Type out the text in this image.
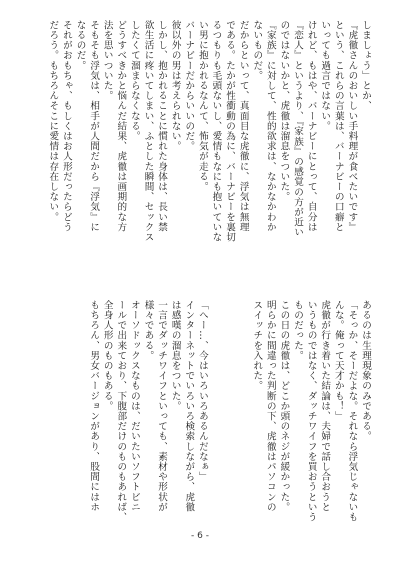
しましょう」とか、
『虎徹さんのおいしい手料理が食べたいです』
という、これらの言葉は、バーナビーの口癖と
いっても過言ではない。
けれど、もはや、バーナビーにとって、自分は
『恋人』というより、『家族』の感覚の方が近い
のではないかと、虎徹は溜息をついた。
『家族』に対して、性的欲求は、なかなかわか
ないものだ。
だからといって、真面目な虎徹に、浮気は無理
である。たかが性衝動の為に、バーナビーを裏切
るつもりも毛頭ないし、愛情もなにも抱いていな
い男に抱かれるなんて、怖気が走る。
バーナビーだからいいのだ。
彼以外の男は考えられない。
しかし、抱かれることに慣れた身体は、長い禁
欲生活に疼いてしまい、ふとした瞬間、セックス
したくて溜まらなくなる。
どうすべきかと悩んだ結果、虎徹は画期的な方
法を思いついた。
そもそも浮気は、相手が人間だから『浮気』に
なるのだ。
それがおもちゃ、もしくはお人形だったらどう
だろう。もちろんそこに愛情は存在しない。
あるのは生理現象のみである。
「そっか、そーだよな。それなら浮気じゃないも
んな。俺って天才かも！」
虎徹が行き着いた結論は、夫婦で話し合おうと
いうものではなく、ダッチワイフを買おうという
ものだった。
この日の虎徹は、どこか頭のネジが緩かった。
明らかに間違った判断の下、虎徹はパソコンの
スイッチを入れた。

「へー…、今はいろいろあるんだなぁ」
インターネットでいろいろ検索しながら、虎徹
は感嘆の溜息をついた。
一言でダッチワイフといっても、素材や形状が
様々である。
オーソドックスなものは、だいたいソフトビニ
ールで出来ており、下腹部だけのものもあれば、
全身人形のものもある。
もちろん、男女バージョンがあり、股間にはホ
- 6 -
